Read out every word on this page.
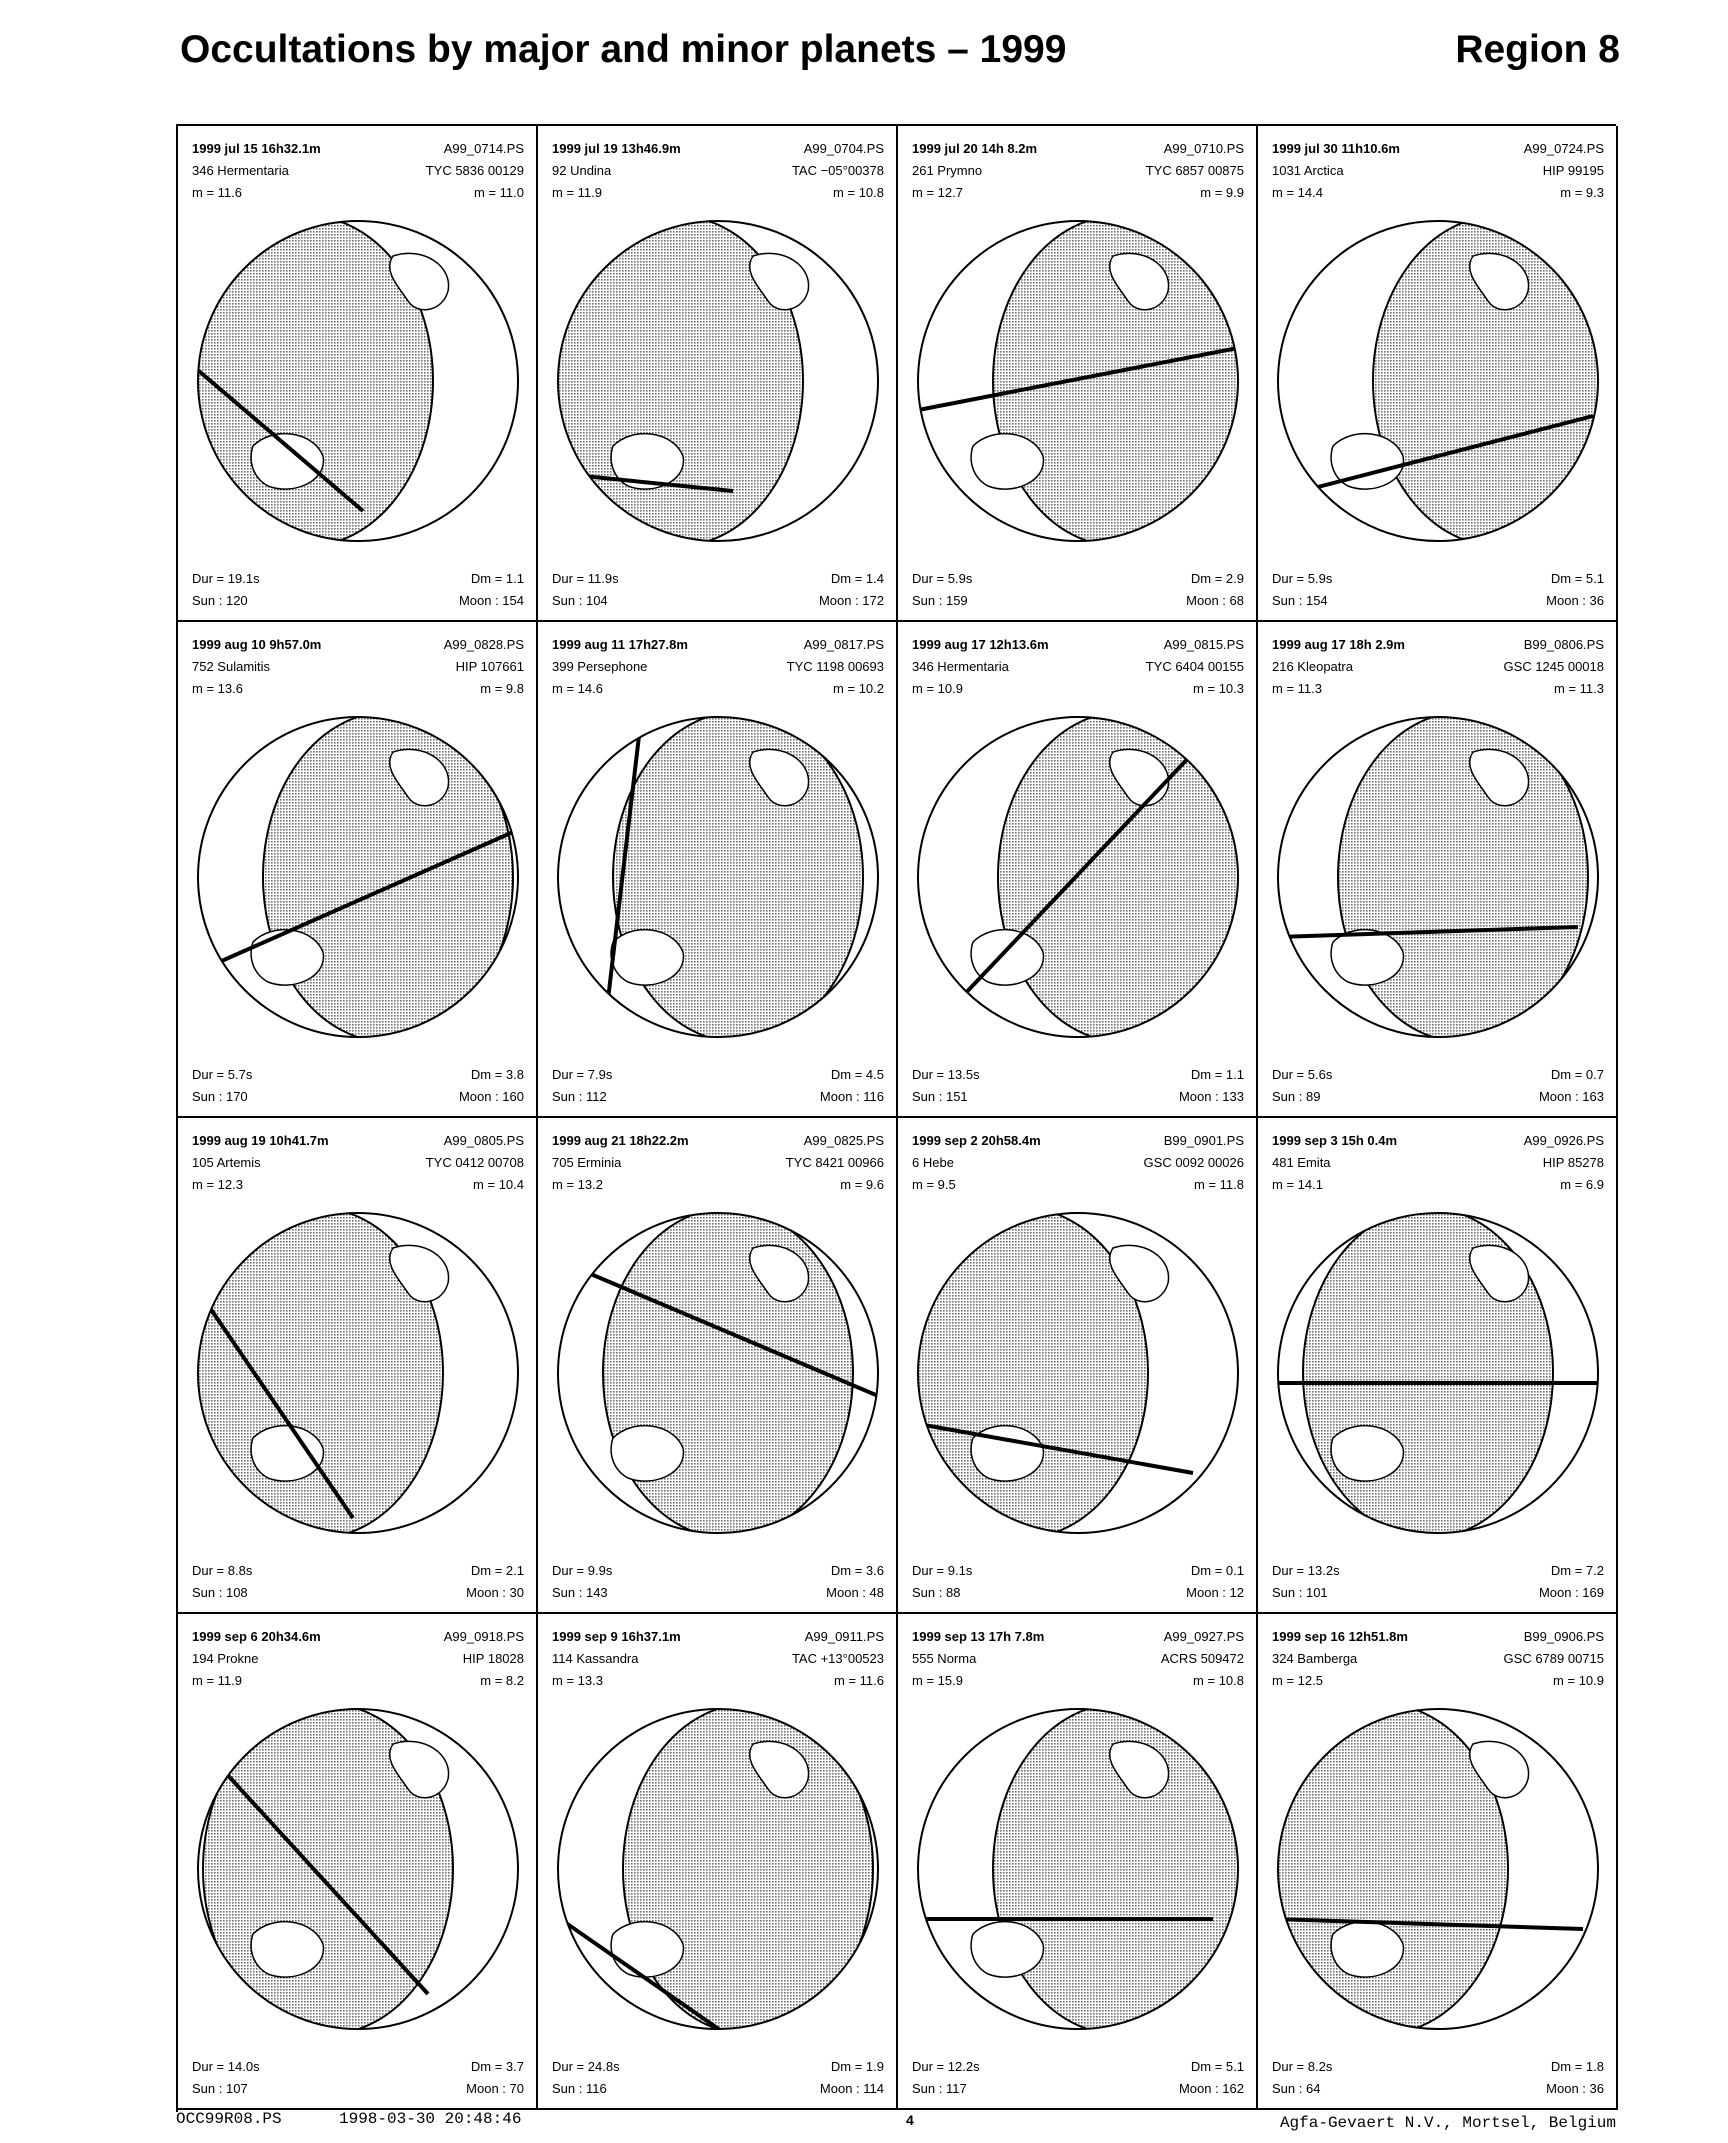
Occultations by major and minor planets – 1999	Region 8
1999 jul 15 16h32.1m	A99_0714.PS
346 Hermentaria	TYC 5836 00129
m = 11.6	m = 11.0
Dur = 19.1s	Dm = 1.1
Sun : 120	Moon : 154
1999 jul 19 13h46.9m	A99_0704.PS
92 Undina	TAC −05°00378
m = 11.9	m = 10.8
Dur = 11.9s	Dm = 1.4
Sun : 104	Moon : 172
1999 jul 20 14h 8.2m	A99_0710.PS
261 Prymno	TYC 6857 00875
m = 12.7	m = 9.9
Dur = 5.9s	Dm = 2.9
Sun : 159	Moon : 68
1999 jul 30 11h10.6m	A99_0724.PS
1031 Arctica	HIP 99195
m = 14.4	m = 9.3
Dur = 5.9s	Dm = 5.1
Sun : 154	Moon : 36
1999 aug 10 9h57.0m	A99_0828.PS
752 Sulamitis	HIP 107661
m = 13.6	m = 9.8
Dur = 5.7s	Dm = 3.8
Sun : 170	Moon : 160
1999 aug 11 17h27.8m	A99_0817.PS
399 Persephone	TYC 1198 00693
m = 14.6	m = 10.2
Dur = 7.9s	Dm = 4.5
Sun : 112	Moon : 116
1999 aug 17 12h13.6m	A99_0815.PS
346 Hermentaria	TYC 6404 00155
m = 10.9	m = 10.3
Dur = 13.5s	Dm = 1.1
Sun : 151	Moon : 133
1999 aug 17 18h 2.9m	B99_0806.PS
216 Kleopatra	GSC 1245 00018
m = 11.3	m = 11.3
Dur = 5.6s	Dm = 0.7
Sun : 89	Moon : 163
1999 aug 19 10h41.7m	A99_0805.PS
105 Artemis	TYC 0412 00708
m = 12.3	m = 10.4
Dur = 8.8s	Dm = 2.1
Sun : 108	Moon : 30
1999 aug 21 18h22.2m	A99_0825.PS
705 Erminia	TYC 8421 00966
m = 13.2	m = 9.6
Dur = 9.9s	Dm = 3.6
Sun : 143	Moon : 48
1999 sep 2 20h58.4m	B99_0901.PS
6 Hebe	GSC 0092 00026
m = 9.5	m = 11.8
Dur = 9.1s	Dm = 0.1
Sun : 88	Moon : 12
1999 sep 3 15h 0.4m	A99_0926.PS
481 Emita	HIP 85278
m = 14.1	m = 6.9
Dur = 13.2s	Dm = 7.2
Sun : 101	Moon : 169
1999 sep 6 20h34.6m	A99_0918.PS
194 Prokne	HIP 18028
m = 11.9	m = 8.2
Dur = 14.0s	Dm = 3.7
Sun : 107	Moon : 70
1999 sep 9 16h37.1m	A99_0911.PS
114 Kassandra	TAC +13°00523
m = 13.3	m = 11.6
Dur = 24.8s	Dm = 1.9
Sun : 116	Moon : 114
1999 sep 13 17h 7.8m	A99_0927.PS
555 Norma	ACRS 509472
m = 15.9	m = 10.8
Dur = 12.2s	Dm = 5.1
Sun : 117	Moon : 162
1999 sep 16 12h51.8m	B99_0906.PS
324 Bamberga	GSC 6789 00715
m = 12.5	m = 10.9
Dur = 8.2s	Dm = 1.8
Sun : 64	Moon : 36
OCC99R08.PS	1998-03-30 20:48:46	4	Agfa-Gevaert N.V., Mortsel, Belgium
